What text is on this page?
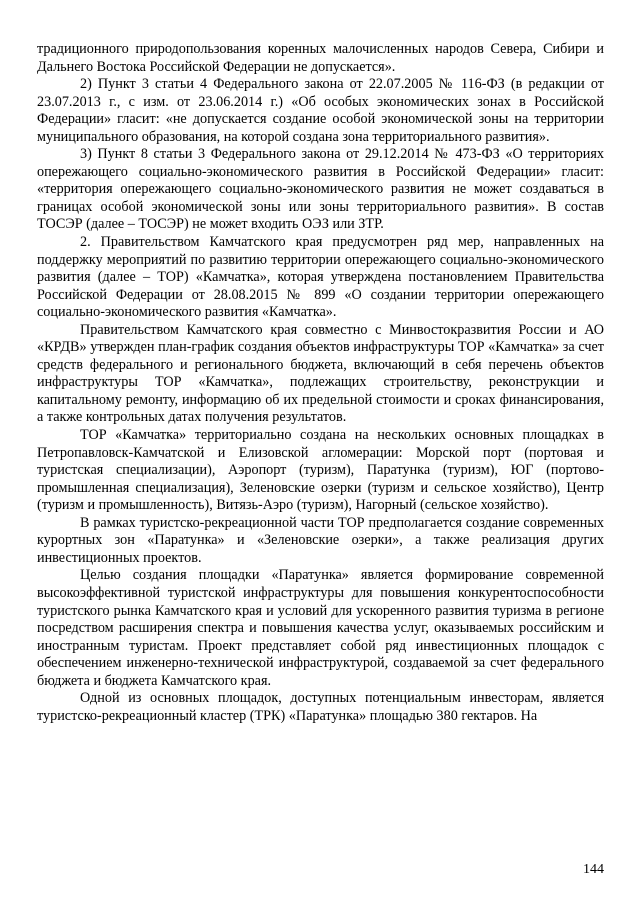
традиционного природопользования коренных малочисленных народов Севера, Сибири и Дальнего Востока Российской Федерации не допускается».

2) Пункт 3 статьи 4 Федерального закона от 22.07.2005 № 116-ФЗ (в редакции от 23.07.2013 г., с изм. от 23.06.2014 г.) «Об особых экономических зонах в Российской Федерации» гласит: «не допускается создание особой экономической зоны на территории муниципального образования, на которой создана зона территориального развития».

3) Пункт 8 статьи 3 Федерального закона от 29.12.2014 № 473-ФЗ «О территориях опережающего социально-экономического развития в Российской Федерации» гласит: «территория опережающего социально-экономического развития не может создаваться в границах особой экономической зоны или зоны территориального развития». В состав ТОСЭР (далее – ТОСЭР) не может входить ОЭЗ или ЗТР.

2. Правительством Камчатского края предусмотрен ряд мер, направленных на поддержку мероприятий по развитию территории опережающего социально-экономического развития (далее – ТОР) «Камчатка», которая утверждена постановлением Правительства Российской Федерации от 28.08.2015 № 899 «О создании территории опережающего социально-экономического развития «Камчатка».

Правительством Камчатского края совместно с Минвостокразвития России и АО «КРДВ» утвержден план-график создания объектов инфраструктуры ТОР «Камчатка» за счет средств федерального и регионального бюджета, включающий в себя перечень объектов инфраструктуры ТОР «Камчатка», подлежащих строительству, реконструкции и капитальному ремонту, информацию об их предельной стоимости и сроках финансирования, а также контрольных датах получения результатов.

ТОР «Камчатка» территориально создана на нескольких основных площадках в Петропавловск-Камчатской и Елизовской агломерации: Морской порт (портовая и туристская специализации), Аэропорт (туризм), Паратунка (туризм), ЮГ (портово-промышленная специализация), Зеленовские озерки (туризм и сельское хозяйство), Центр (туризм и промышленность), Витязь-Аэро (туризм), Нагорный (сельское хозяйство).

В рамках туристско-рекреационной части ТОР предполагается создание современных курортных зон «Паратунка» и «Зеленовские озерки», а также реализация других инвестиционных проектов.

Целью создания площадки «Паратунка» является формирование современной высокоэффективной туристской инфраструктуры для повышения конкурентоспособности туристского рынка Камчатского края и условий для ускоренного развития туризма в регионе посредством расширения спектра и повышения качества услуг, оказываемых российским и иностранным туристам. Проект представляет собой ряд инвестиционных площадок с обеспечением инженерно-технической инфраструктурой, создаваемой за счет федерального бюджета и бюджета Камчатского края.

Одной из основных площадок, доступных потенциальным инвесторам, является туристско-рекреационный кластер (ТРК) «Паратунка» площадью 380 гектаров. На

144
